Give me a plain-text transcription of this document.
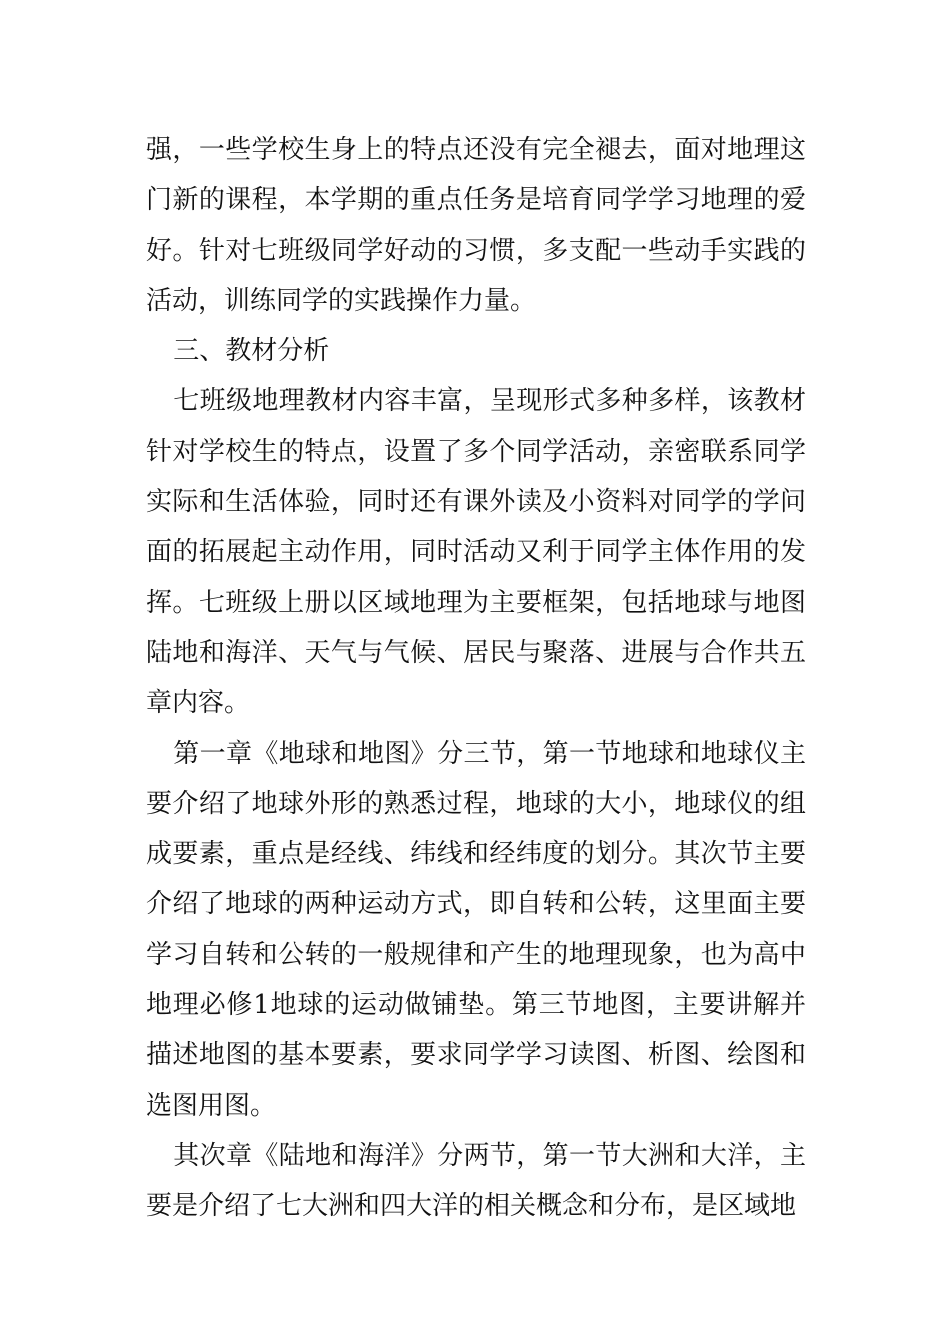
强，一些学校生身上的特点还没有完全褪去，面对地理这门新的课程，本学期的重点任务是培育同学学习地理的爱好。针对七班级同学好动的习惯，多支配一些动手实践的活动，训练同学的实践操作力量。

三、教材分析

七班级地理教材内容丰富，呈现形式多种多样，该教材针对学校生的特点，设置了多个同学活动，亲密联系同学实际和生活体验，同时还有课外读及小资料对同学的学问面的拓展起主动作用，同时活动又利于同学主体作用的发挥。七班级上册以区域地理为主要框架，包括地球与地图陆地和海洋、天气与气候、居民与聚落、进展与合作共五章内容。

第一章《地球和地图》分三节，第一节地球和地球仪主要介绍了地球外形的熟悉过程，地球的大小，地球仪的组成要素，重点是经线、纬线和经纬度的划分。其次节主要介绍了地球的两种运动方式，即自转和公转，这里面主要学习自转和公转的一般规律和产生的地理现象，也为高中地理必修1地球的运动做铺垫。第三节地图，主要讲解并描述地图的基本要素，要求同学学习读图、析图、绘图和选图用图。

其次章《陆地和海洋》分两节，第一节大洲和大洋，主要是介绍了七大洲和四大洋的相关概念和分布，是区域地
